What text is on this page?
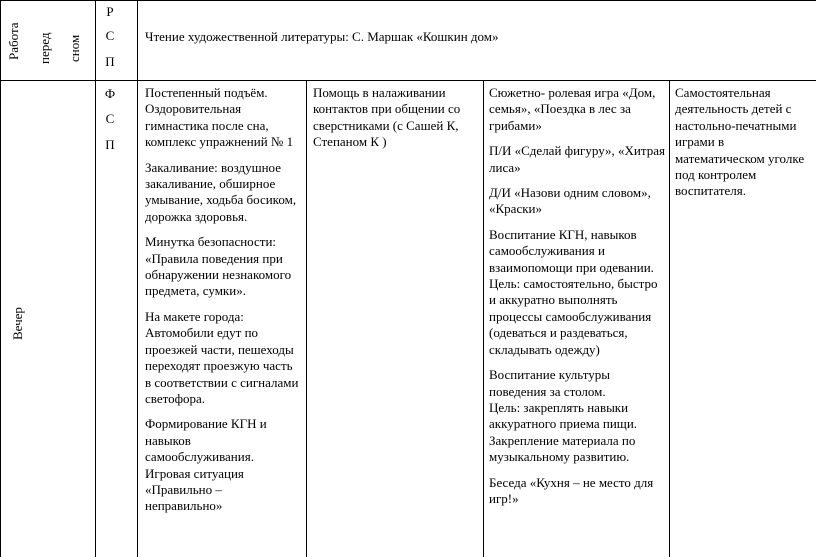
Работа перед сном
Р
С
П
Чтение художественной литературы: С. Маршак «Кошкин дом»
Вечер
Ф
С
П

Постепенный подъём. Оздоровительная гимнастика после сна, комплекс упражнений № 1

Закаливание: воздушное закаливание, обширное умывание, ходьба босиком, дорожка здоровья.

Минутка безопасности: «Правила поведения при обнаружении незнакомого предмета, сумки».

На макете города: Автомобили едут по проезжей части, пешеходы переходят проезжую часть в соответствии с сигналами светофора.

Формирование КГН и навыков самообслуживания. Игровая ситуация «Правильно – неправильно»

Помощь в налаживании контактов при общении со сверстниками (с Сашей К, Степаном К )

Сюжетно- ролевая игра «Дом, семья», «Поездка в лес за грибами»

П/И «Сделай фигуру», «Хитрая лиса»

Д/И «Назови одним словом», «Краски»

Воспитание КГН, навыков самообслуживания и взаимопомощи при одевании.

Цель: самостоятельно, быстро и аккуратно выполнять процессы самообслуживания (одеваться и раздеваться, складывать одежду)

Воспитание культуры поведения за столом.

Цель: закреплять навыки аккуратного приема пищи.

Закрепление материала по музыкальному развитию.

Беседа «Кухня – не место для игр!»

Самостоятельная деятельность детей с настольно-печатными играми в математическом уголке под контролем воспитателя.
